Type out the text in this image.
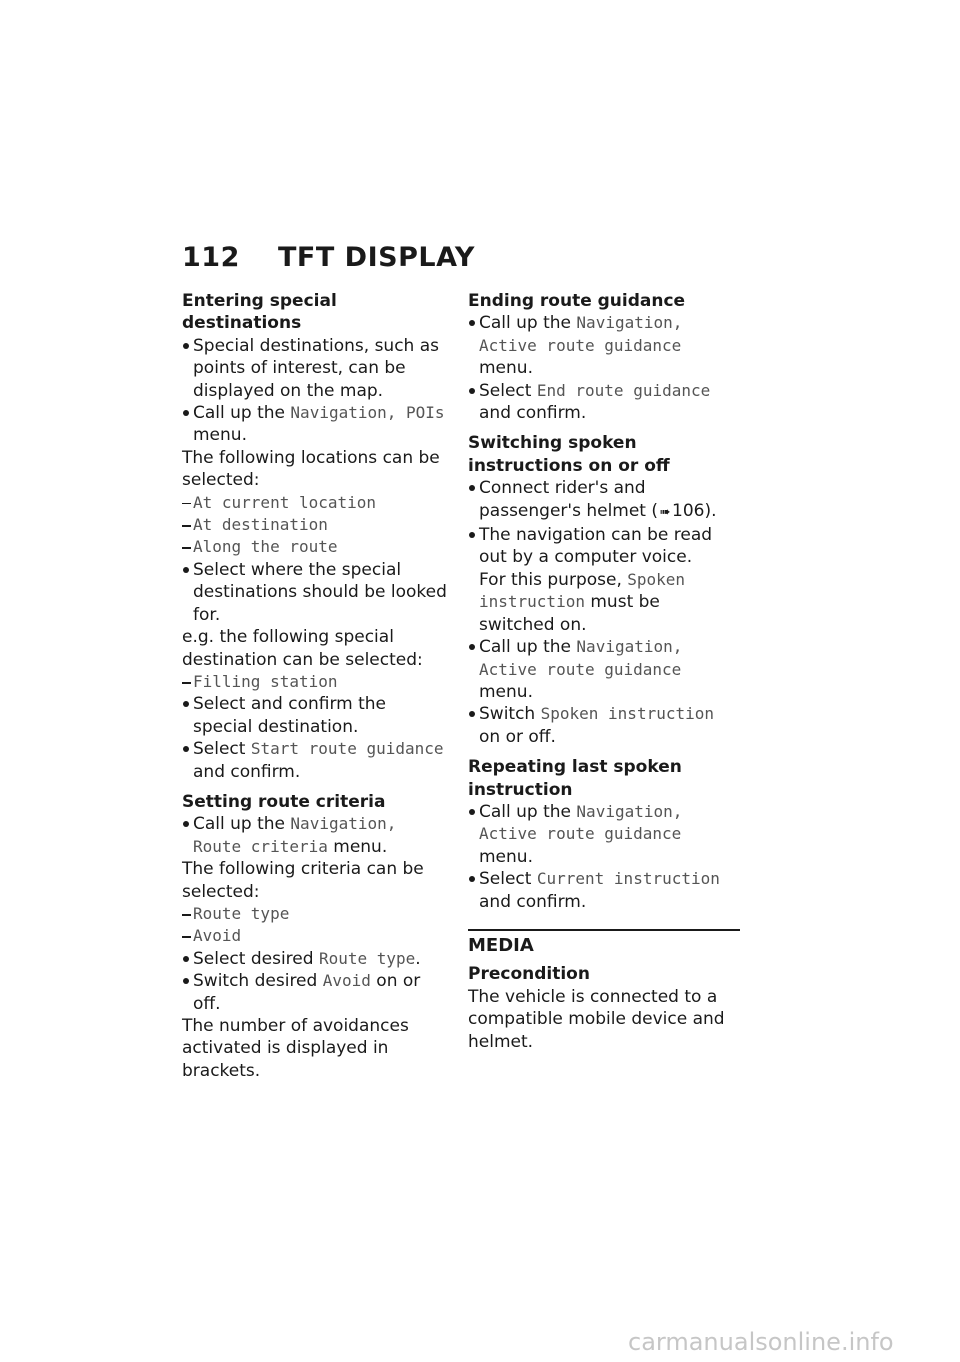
112 TFT DISPLAY

Entering special destinations

Special destinations, such as points of interest, can be displayed on the map.

Call up the Navigation, POIs menu.

The following locations can be selected:

At current location

At destination

Along the route

Select where the special destinations should be looked for.

e.g. the following special destination can be selected:

Filling station

Select and confirm the special destination.

Select Start route guidance and confirm.

Setting route criteria

Call up the Navigation, Route criteria menu.

The following criteria can be selected:

Route type

Avoid

Select desired Route type.

Switch desired Avoid on or off.

The number of avoidances activated is displayed in brackets.

Ending route guidance

Call up the Navigation, Active route guidance menu.

Select End route guidance and confirm.

Switching spoken instructions on or off

Connect rider's and passenger's helmet ( ➠106).

The navigation can be read out by a computer voice.
For this purpose, Spoken instruction must be switched on.

Call up the Navigation, Active route guidance menu.

Switch Spoken instruction on or off.

Repeating last spoken instruction

Call up the Navigation, Active route guidance menu.

Select Current instruction and confirm.

MEDIA

Precondition

The vehicle is connected to a compatible mobile device and helmet.

carmanualsonline.info
